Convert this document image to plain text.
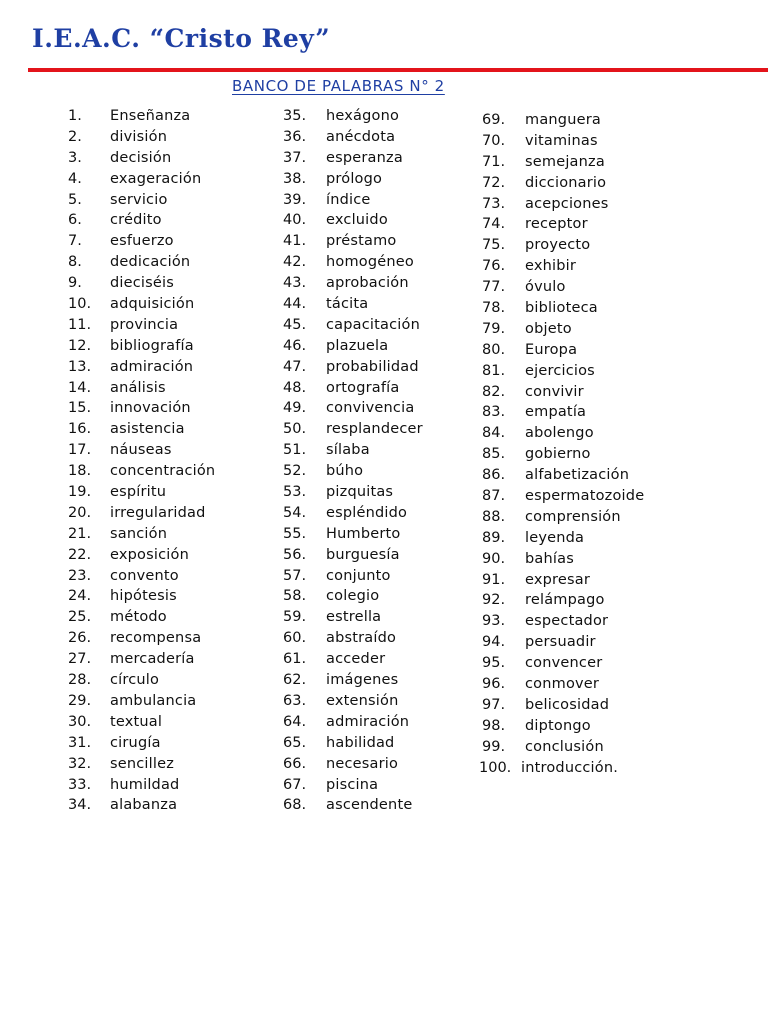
I.E.A.C. “Cristo Rey”
BANCO DE PALABRAS N° 2
1. Enseñanza
2. división
3. decisión
4. exageración
5. servicio
6. crédito
7. esfuerzo
8. dedicación
9. dieciséis
10. adquisición
11. provincia
12. bibliografía
13. admiración
14. análisis
15. innovación
16. asistencia
17. náuseas
18. concentración
19. espíritu
20. irregularidad
21. sanción
22. exposición
23. convento
24. hipótesis
25. método
26. recompensa
27. mercadería
28. círculo
29. ambulancia
30. textual
31. cirugía
32. sencillez
33. humildad
34. alabanza
35. hexágono
36. anécdota
37. esperanza
38. prólogo
39. índice
40. excluido
41. préstamo
42. homogéneo
43. aprobación
44. tácita
45. capacitación
46. plazuela
47. probabilidad
48. ortografía
49. convivencia
50. resplandecer
51. sílaba
52. búho
53. pizquitas
54. espléndido
55. Humberto
56. burguesía
57. conjunto
58. colegio
59. estrella
60. abstraído
61. acceder
62. imágenes
63. extensión
64. admiración
65. habilidad
66. necesario
67. piscina
68. ascendente
69. manguera
70. vitaminas
71. semejanza
72. diccionario
73. acepciones
74. receptor
75. proyecto
76. exhibir
77. óvulo
78. biblioteca
79. objeto
80. Europa
81. ejercicios
82. convivir
83. empatía
84. abolengo
85. gobierno
86. alfabetización
87. espermatozoide
88. comprensión
89. leyenda
90. bahías
91. expresar
92. relámpago
93. espectador
94. persuadir
95. convencer
96. conmover
97. belicosidad
98. diptongo
99. conclusión
100. introducción.
